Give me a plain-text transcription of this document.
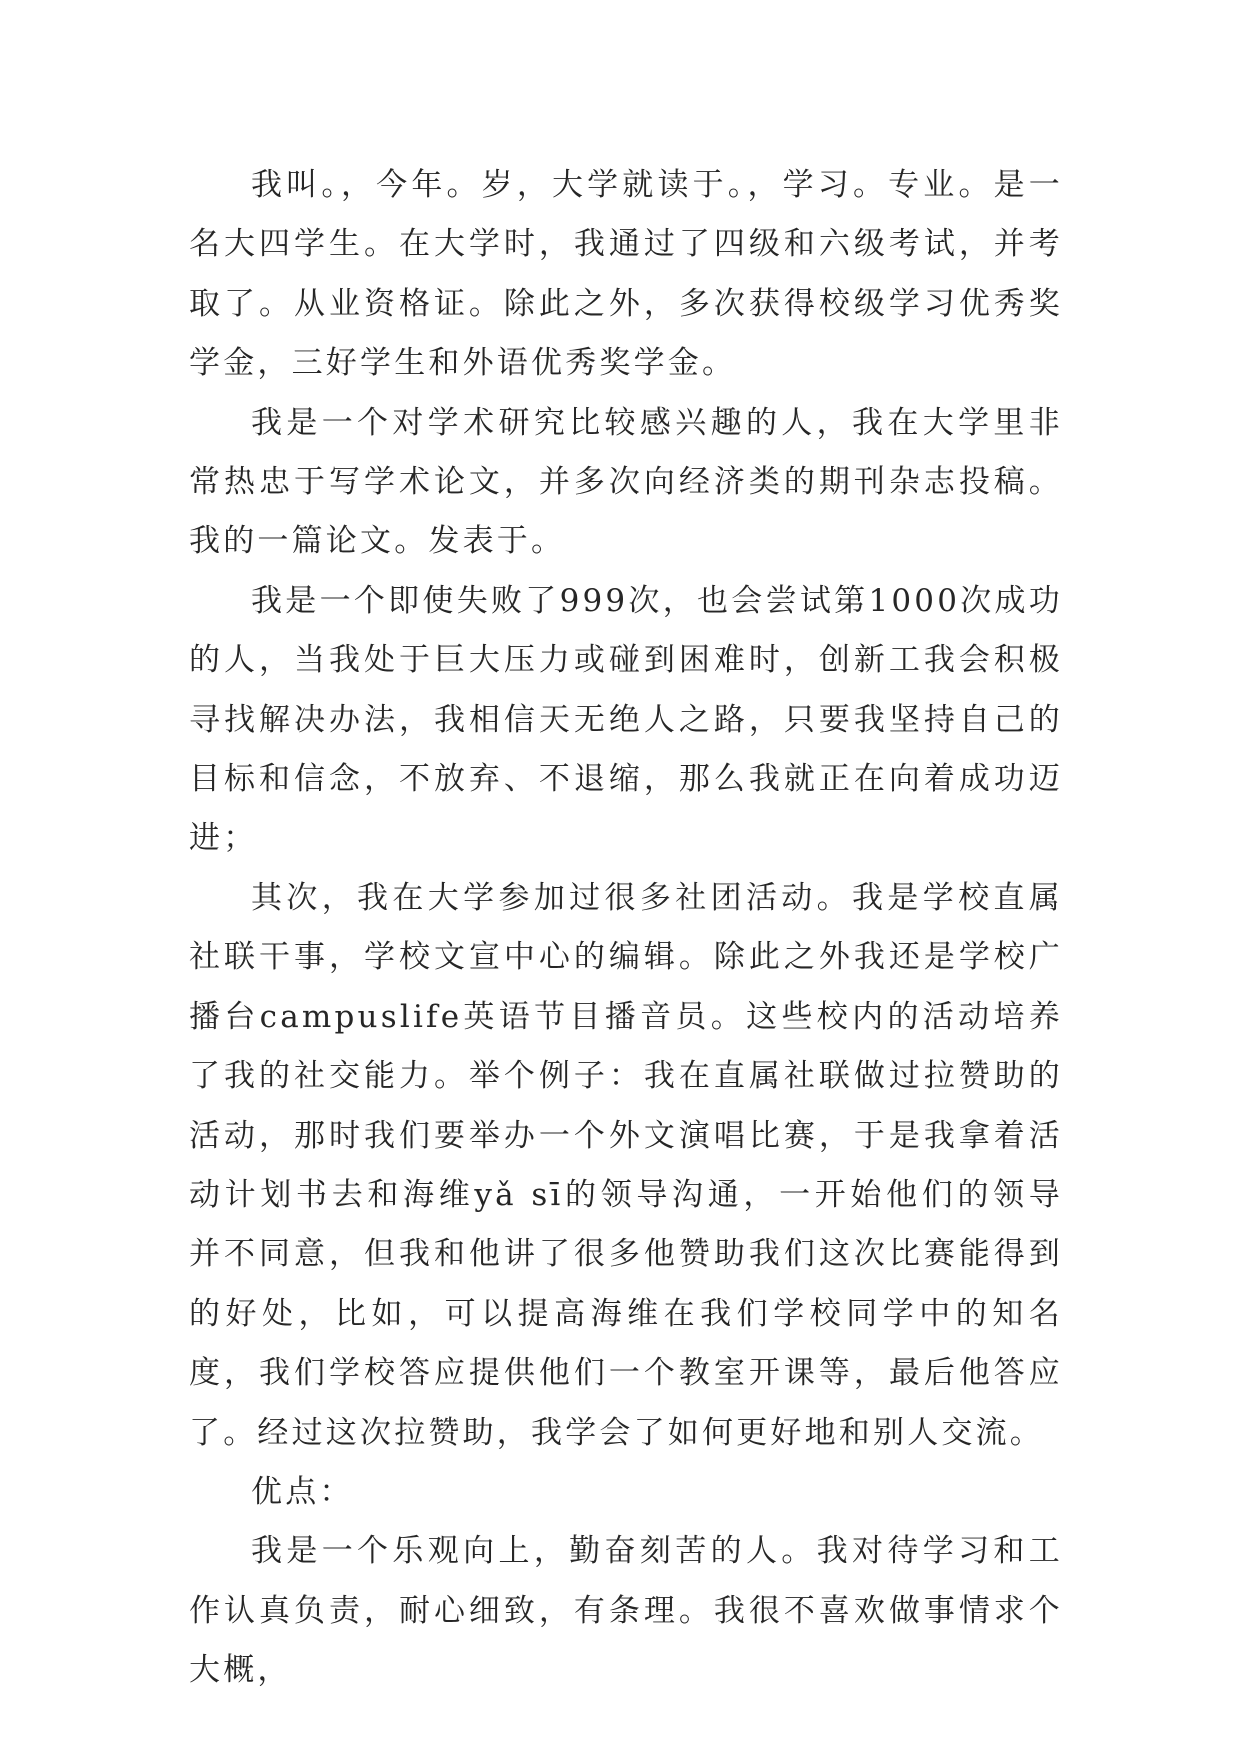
我叫。，今年。岁，大学就读于。，学习。专业。是一名大四学生。在大学时，我通过了四级和六级考试，并考取了。从业资格证。除此之外，多次获得校级学习优秀奖学金，三好学生和外语优秀奖学金。

我是一个对学术研究比较感兴趣的人，我在大学里非常热忠于写学术论文，并多次向经济类的期刊杂志投稿。我的一篇论文。发表于。

我是一个即使失败了999次，也会尝试第1000次成功的人，当我处于巨大压力或碰到困难时，创新工我会积极寻找解决办法，我相信天无绝人之路，只要我坚持自己的目标和信念，不放弃、不退缩，那么我就正在向着成功迈进；

其次，我在大学参加过很多社团活动。我是学校直属社联干事，学校文宣中心的编辑。除此之外我还是学校广播台campuslife英语节目播音员。这些校内的活动培养了我的社交能力。举个例子：我在直属社联做过拉赞助的活动，那时我们要举办一个外文演唱比赛，于是我拿着活动计划书去和海维yǎ sī的领导沟通，一开始他们的领导并不同意，但我和他讲了很多他赞助我们这次比赛能得到的好处，比如，可以提高海维在我们学校同学中的知名度，我们学校答应提供他们一个教室开课等，最后他答应了。经过这次拉赞助，我学会了如何更好地和别人交流。

优点：

我是一个乐观向上，勤奋刻苦的人。我对待学习和工作认真负责，耐心细致，有条理。我很不喜欢做事情求个大概，
